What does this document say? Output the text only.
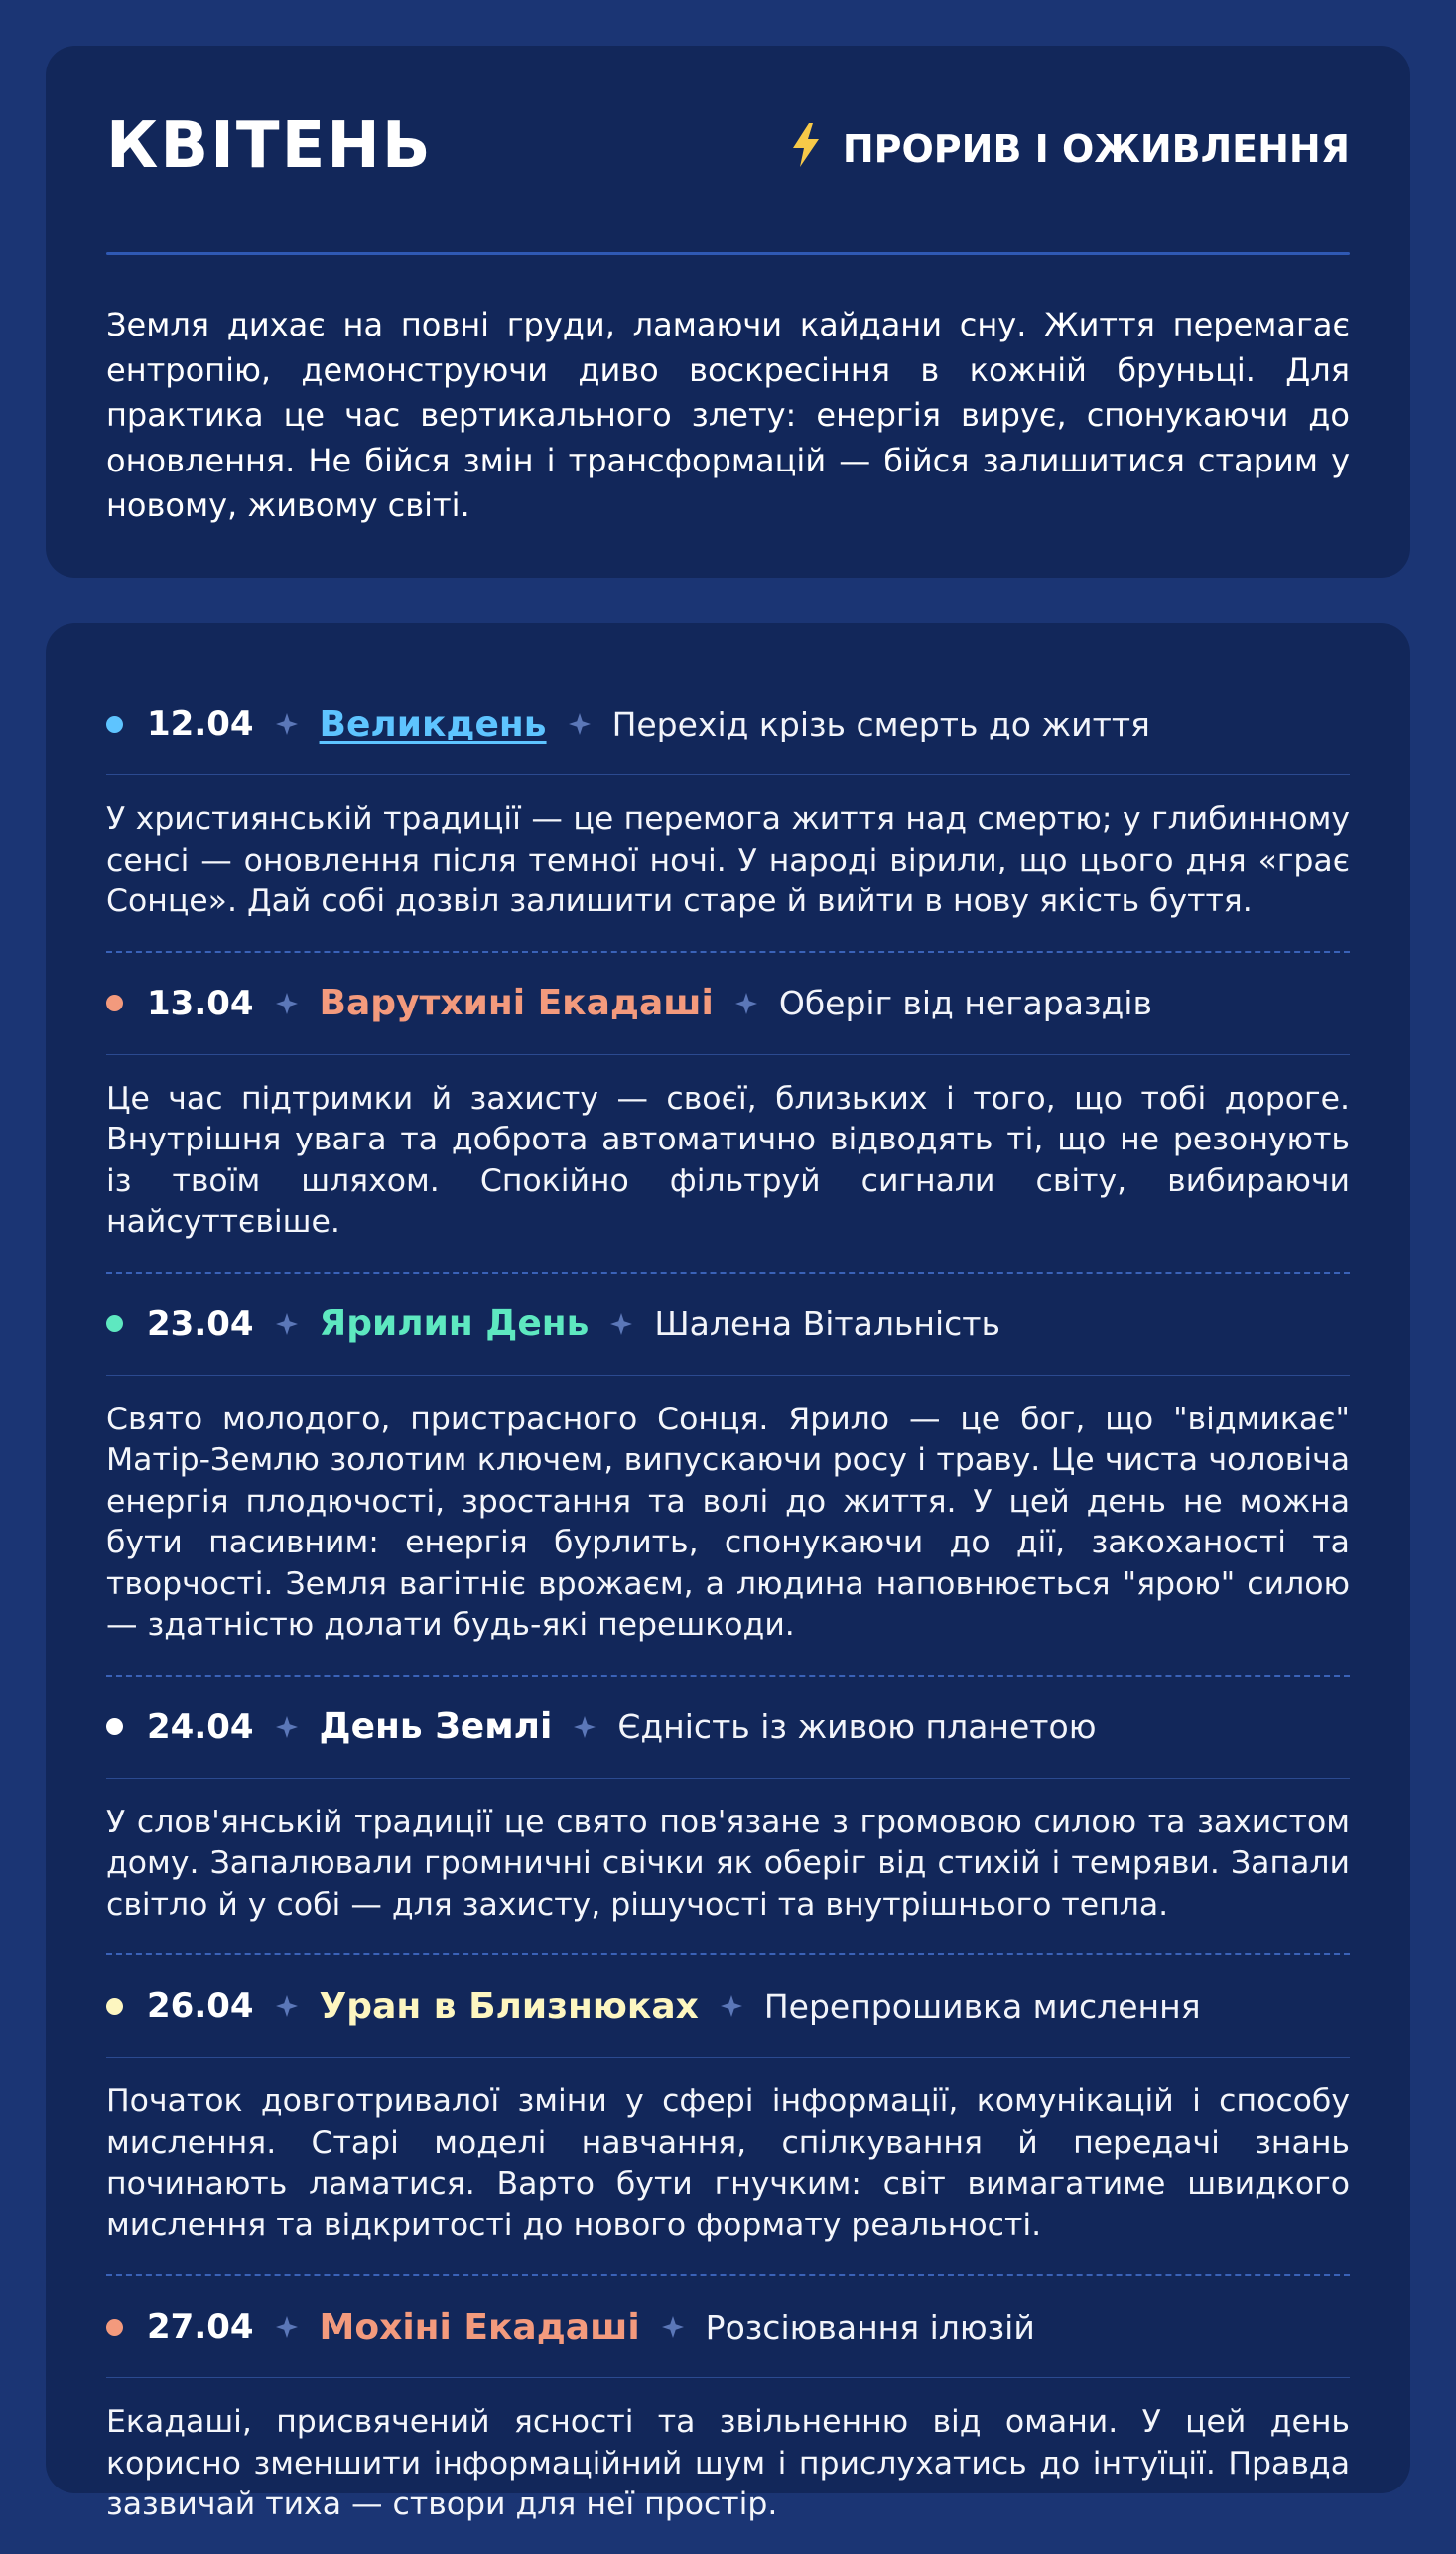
КВІТЕНЬ	ПРОРИВ І ОЖИВЛЕННЯ
Земля дихає на повні груди, ламаючи кайдани сну. Життя перемагає ентропію, демонструючи диво воскресіння в кожній бруньці. Для практика це час вертикального злету: енергія вирує, спонукаючи до оновлення. Не бійся змін і трансформацій — бійся залишитися старим у новому, живому світі.
12.04 Великдень Перехід крізь смерть до життя
У християнській традиції — це перемога життя над смертю; у глибинному сенсі — оновлення після темної ночі. У народі вірили, що цього дня «грає Сонце». Дай собі дозвіл залишити старе й вийти в нову якість буття.
13.04 Варутхині Екадаші Оберіг від негараздів
Це час підтримки й захисту — своєї, близьких і того, що тобі дороге. Внутрішня увага та доброта автоматично відводять ті, що не резонують із твоїм шляхом. Спокійно фільтруй сигнали світу, вибираючи найсуттєвіше.
23.04 Ярилин День Шалена Вітальність
Свято молодого, пристрасного Сонця. Ярило — це бог, що "відмикає" Матір-Землю золотим ключем, випускаючи росу і траву. Це чиста чоловіча енергія плодючості, зростання та волі до життя. У цей день не можна бути пасивним: енергія бурлить, спонукаючи до дії, закоханості та творчості. Земля вагітніє врожаєм, а людина наповнюється "ярою" силою — здатністю долати будь-які перешкоди.
24.04 День Землі Єдність із живою планетою
У слов'янській традиції це свято пов'язане з громовою силою та захистом дому. Запалювали громничні свічки як оберіг від стихій і темряви. Запали світло й у собі — для захисту, рішучості та внутрішнього тепла.
26.04 Уран в Близнюках Перепрошивка мислення
Початок довготривалої зміни у сфері інформації, комунікацій і способу мислення. Старі моделі навчання, спілкування й передачі знань починають ламатися. Варто бути гнучким: світ вимагатиме швидкого мислення та відкритості до нового формату реальності.
27.04 Мохіні Екадаші Розсіювання ілюзій
Екадаші, присвячений ясності та звільненню від омани. У цей день корисно зменшити інформаційний шум і прислухатись до інтуїції. Правда зазвичай тиха — створи для неї простір.
